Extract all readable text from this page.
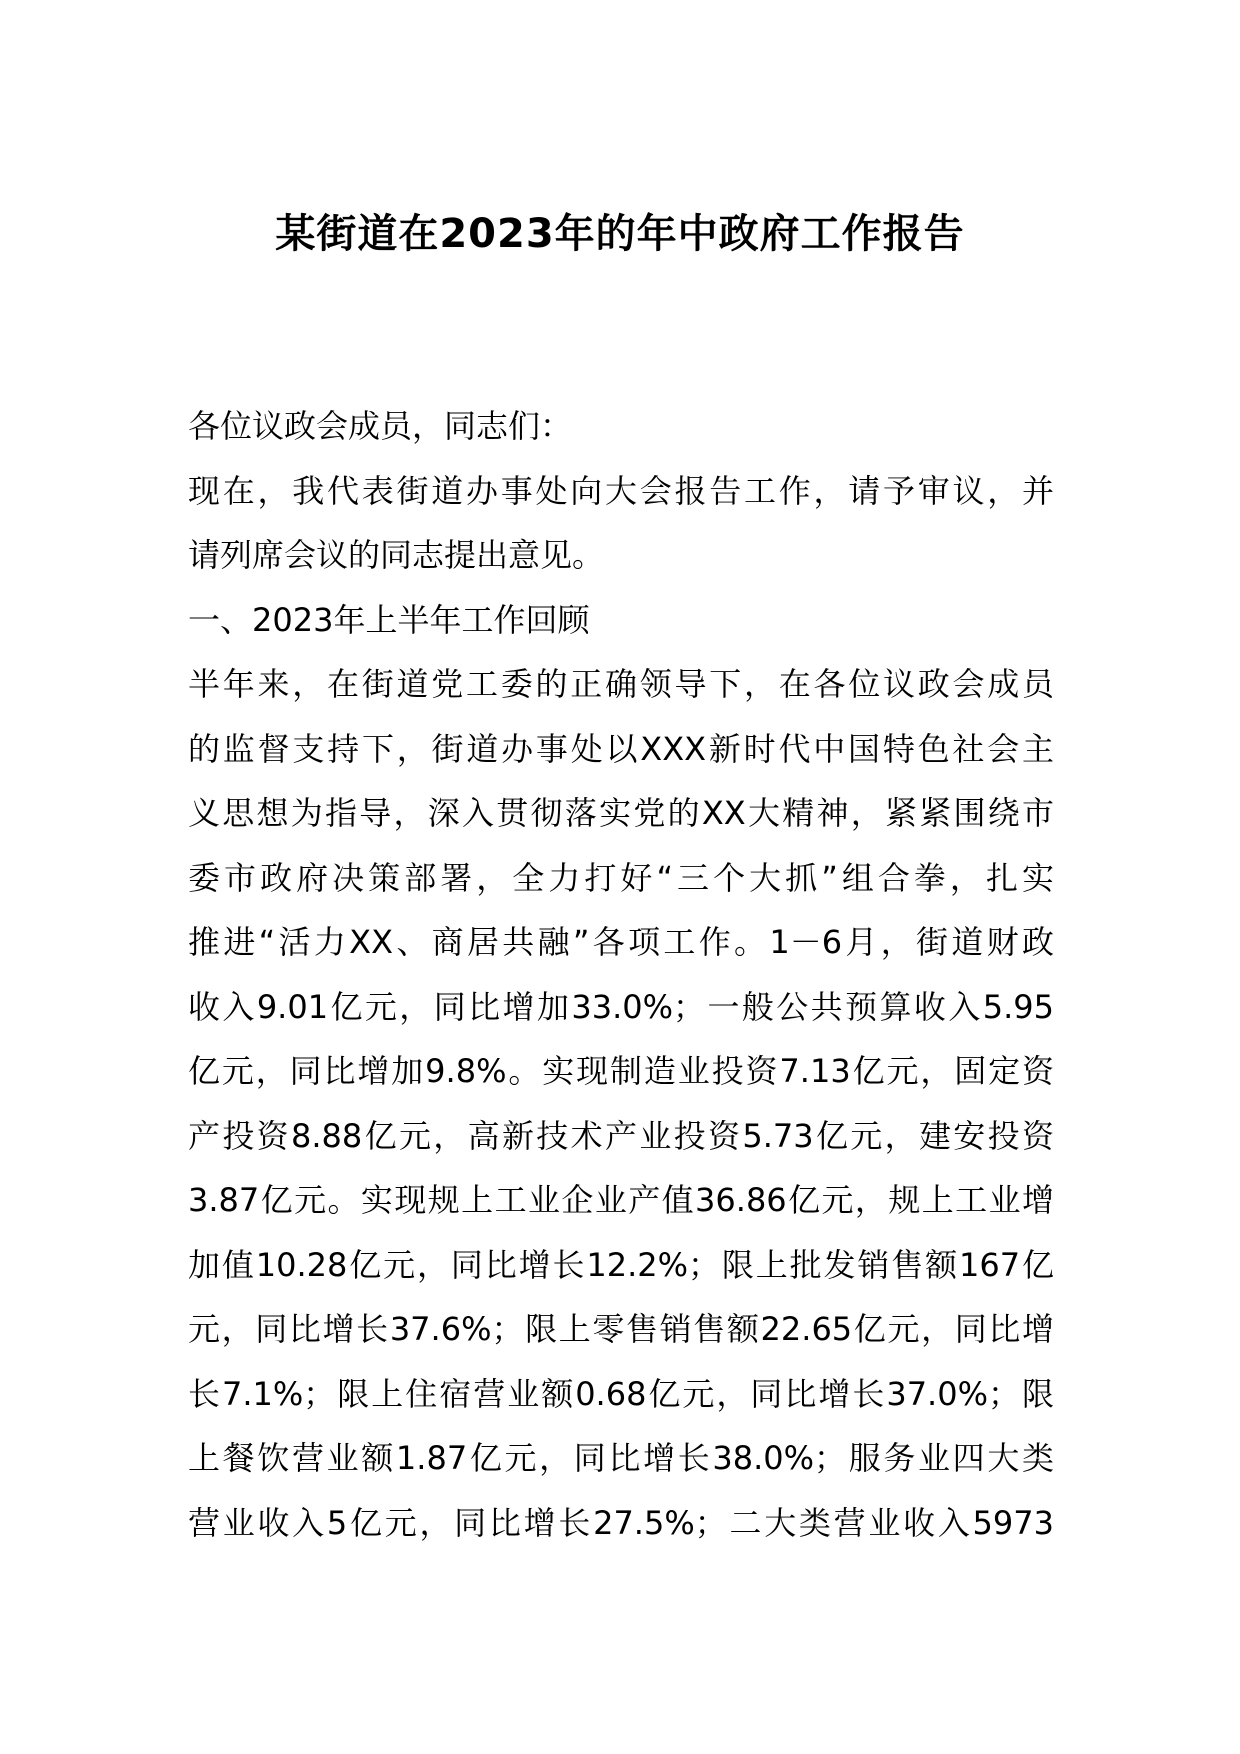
某街道在2023年的年中政府工作报告
各位议政会成员，同志们：
现在，我代表街道办事处向大会报告工作，请予审议，并
请列席会议的同志提出意见。
一、2023年上半年工作回顾
半年来，在街道党工委的正确领导下，在各位议政会成员
的监督支持下，街道办事处以XXX新时代中国特色社会主
义思想为指导，深入贯彻落实党的XX大精神，紧紧围绕市
委市政府决策部署，全力打好“三个大抓”组合拳，扎实
推进“活力XX、商居共融”各项工作。1－6月，街道财政
收入9.01亿元，同比增加33.0%；一般公共预算收入5.95
亿元，同比增加9.8%。实现制造业投资7.13亿元，固定资
产投资8.88亿元，高新技术产业投资5.73亿元，建安投资
3.87亿元。实现规上工业企业产值36.86亿元，规上工业增
加值10.28亿元，同比增长12.2%；限上批发销售额167亿
元，同比增长37.6%；限上零售销售额22.65亿元，同比增
长7.1%；限上住宿营业额0.68亿元，同比增长37.0%；限
上餐饮营业额1.87亿元，同比增长38.0%；服务业四大类
营业收入5亿元，同比增长27.5%；二大类营业收入5973
